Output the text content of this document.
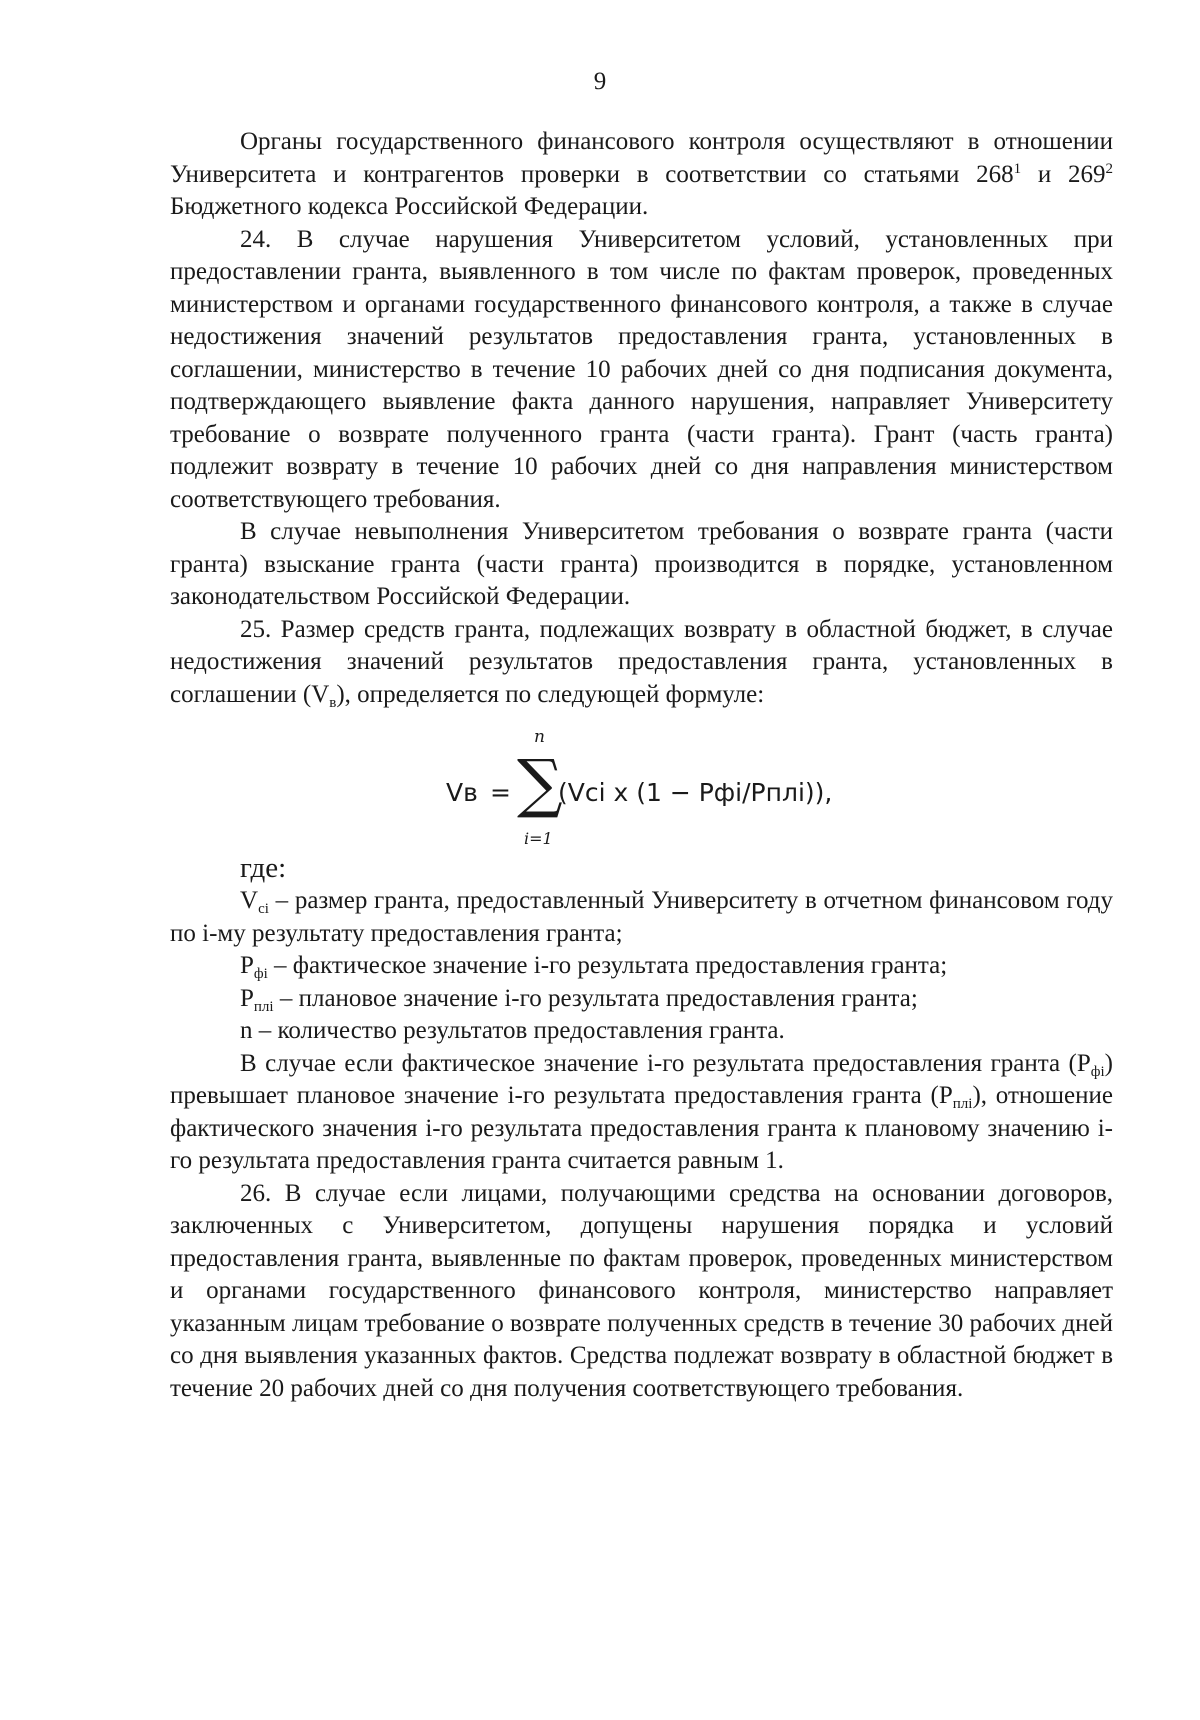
9

Органы государственного финансового контроля осуществляют в отношении Университета и контрагентов проверки в соответствии со статьями $268^1$ и $269^2$ Бюджетного кодекса Российской Федерации.

24. В случае нарушения Университетом условий, установленных при предоставлении гранта, выявленного в том числе по фактам проверок, проведенных министерством и органами государственного финансового контроля, а также в случае недостижения значений результатов предоставления гранта, установленных в соглашении, министерство в течение 10 рабочих дней со дня подписания документа, подтверждающего выявление факта данного нарушения, направляет Университету требование о возврате полученного гранта (части гранта). Грант (часть гранта) подлежит возврату в течение 10 рабочих дней со дня направления министерством соответствующего требования.

В случае невыполнения Университетом требования о возврате гранта (части гранта) взыскание гранта (части гранта) производится в порядке, установленном законодательством Российской Федерации.

25. Размер средств гранта, подлежащих возврату в областной бюджет, в случае недостижения значений результатов предоставления гранта, установленных в соглашении $(V_в)$, определяется по следующей формуле:

Vв =
n
∑
i=1
(Vci x (1 − Pфi/Pплi)),

где:

$V_{ci}$ – размер гранта, предоставленный Университету в отчетном финансовом году по i-му результату предоставления гранта;

$P_{фi}$ – фактическое значение i-го результата предоставления гранта;

$P_{плi}$ – плановое значение i-го результата предоставления гранта;

n – количество результатов предоставления гранта.

В случае если фактическое значение i-го результата предоставления гранта $(P_{фi})$ превышает плановое значение i-го результата предоставления гранта $(P_{плi})$, отношение фактического значения i-го результата предоставления гранта к плановому значению i-го результата предоставления гранта считается равным 1.

26. В случае если лицами, получающими средства на основании договоров, заключенных с Университетом, допущены нарушения порядка и условий предоставления гранта, выявленные по фактам проверок, проведенных министерством и органами государственного финансового контроля, министерство направляет указанным лицам требование о возврате полученных средств в течение 30 рабочих дней со дня выявления указанных фактов. Средства подлежат возврату в областной бюджет в течение 20 рабочих дней со дня получения соответствующего требования.
